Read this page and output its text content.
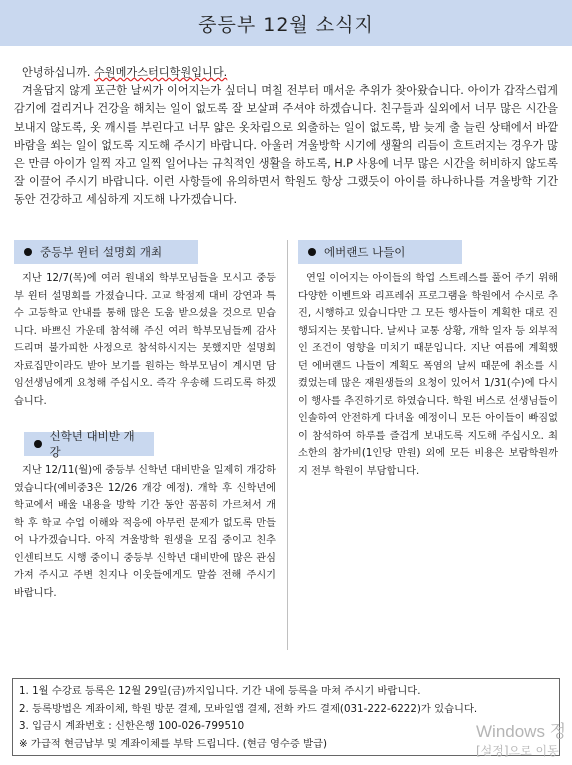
중등부 12월 소식지

안녕하십니까. 수원메가스터디학원입니다.
겨울답지 않게 포근한 날씨가 이어지는가 싶더니 며칠 전부터 매서운 추위가 찾아왔습니다. 아이가 갑작스럽게 감기에 걸리거나 건강을 해치는 일이 없도록 잘 보살펴 주셔야 하겠습니다. 친구들과 실외에서 너무 많은 시간을 보내지 않도록, 옷 깨시를 부린다고 너무 얇은 옷차림으로 외출하는 일이 없도록, 밤 늦게 출 늘린 상태에서 바깥 바람을 쐬는 일이 없도록 지도해 주시기 바랍니다. 아울러 겨울방학 시기에 생활의 리듬이 흐트러지는 경우가 많은 만큼 아이가 일찍 자고 일찍 일어나는 규칙적인 생활을 하도록, H.P 사용에 너무 많은 시간을 허비하지 않도록 잘 이끌어 주시기 바랍니다. 이런 사항들에 유의하면서 학원도 항상 그랬듯이 아이를 하나하나를 겨울방학 기간 동안 건강하고 세심하게 지도해 나가겠습니다.

중등부 윈터 설명회 개최

지난 12/7(목)에 여러 원내외 학부모님들을 모시고 중등부 윈터 설명회를 가졌습니다. 고교 학점제 대비 강연과 특수 고등학교 안내를 통해 많은 도움 받으셨을 것으로 믿습니다. 바쁘신 가운데 참석해 주신 여러 학부모님들께 감사드리며 불가피한 사정으로 참석하시지는 못했지만 설명회 자료집만이라도 받아 보기를 원하는 학부모님이 계시면 담임선생님에게 요청해 주십시오. 즉각 우송해 드리도록 하겠습니다.

신학년 대비반 개강

지난 12/11(월)에 중등부 신학년 대비반을 일제히 개강하였습니다(예비중3은 12/26 개강 예정). 개학 후 신학년에 학교에서 배울 내용을 방학 기간 동안 꼼꼼히 가르쳐서 개학 후 학교 수업 이해와 적응에 아무런 문제가 없도록 만들어 나가겠습니다. 아직 겨울방학 원생을 모집 중이고 친추 인센티브도 시행 중이니 중등부 신학년 대비반에 많은 관심 가져 주시고 주변 친지나 이웃들에게도 말씀 전해 주시기 바랍니다.

에버랜드 나들이

연일 이어지는 아이들의 학업 스트레스를 풀어 주기 위해 다양한 이벤트와 리프레쉬 프로그램을 학원에서 수시로 추진, 시행하고 있습니다만 그 모든 행사들이 계획한 대로 진행되지는 못합니다. 날씨나 교통 상황, 개학 일자 등 외부적인 조건이 영향을 미치기 때문입니다. 지난 여름에 계획했던 에버랜드 나들이 계획도 폭염의 날씨 때문에 취소를 시켰었는데 많은 재원생들의 요청이 있어서 1/31(수)에 다시 이 행사를 추진하기로 하였습니다. 학원 버스로 선생님들이 인솔하여 안전하게 다녀올 예정이니 모든 아이들이 빠짐없이 참석하여 하루를 즐겁게 보내도록 지도해 주십시오. 최소한의 참가비(1인당 만원) 외에 모든 비용은 보람학원까지 전부 학원이 부담합니다.

1. 1월 수강료 등록은 12월 29일(금)까지입니다. 기간 내에 등록을 마쳐 주시기 바랍니다.
2. 등록방법은 계좌이체, 학원 방문 결제, 모바일앱 결제, 전화 카드 결제(031-222-6222)가 있습니다.
3. 입금시 계좌번호 : 신한은행 100-026-799510
※ 가급적 현금납부 및 계좌이체를 부탁 드립니다. (현금 영수증 발급)
Windows 정
[설정]으로 이동
